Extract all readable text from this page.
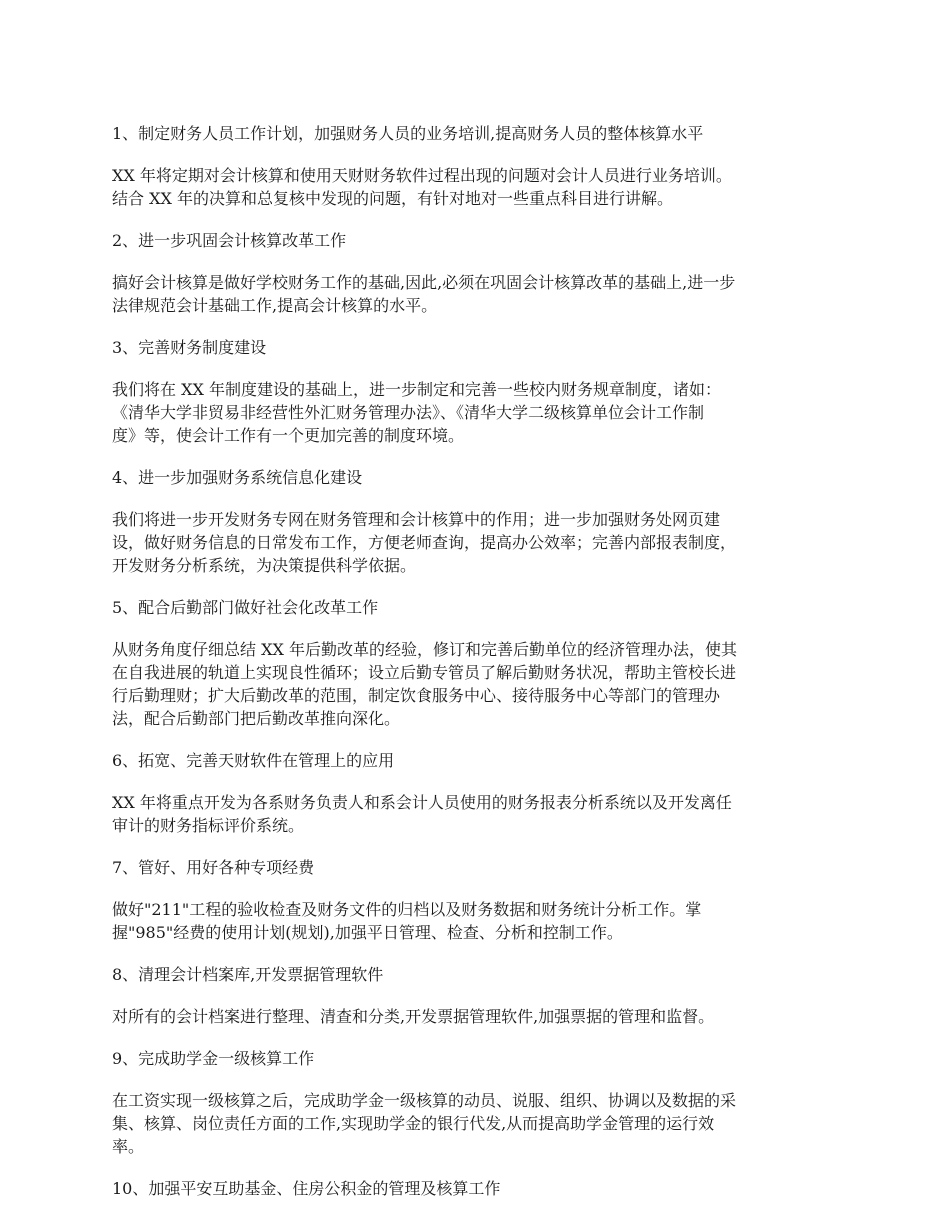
1、制定财务人员工作计划，加强财务人员的业务培训,提高财务人员的整体核算水平
XX 年将定期对会计核算和使用天财财务软件过程出现的问题对会计人员进行业务培训。
结合 XX 年的决算和总复核中发现的问题，有针对地对一些重点科目进行讲解。
2、进一步巩固会计核算改革工作
搞好会计核算是做好学校财务工作的基础,因此,必须在巩固会计核算改革的基础上,进一步
法律规范会计基础工作,提高会计核算的水平。
3、完善财务制度建设
我们将在 XX 年制度建设的基础上，进一步制定和完善一些校内财务规章制度，诸如：
《清华大学非贸易非经营性外汇财务管理办法》、《清华大学二级核算单位会计工作制
度》等，使会计工作有一个更加完善的制度环境。
4、进一步加强财务系统信息化建设
我们将进一步开发财务专网在财务管理和会计核算中的作用；进一步加强财务处网页建
设，做好财务信息的日常发布工作，方便老师查询，提高办公效率；完善内部报表制度，
开发财务分析系统，为决策提供科学依据。
5、配合后勤部门做好社会化改革工作
从财务角度仔细总结 XX 年后勤改革的经验，修订和完善后勤单位的经济管理办法，使其
在自我进展的轨道上实现良性循环；设立后勤专管员了解后勤财务状况，帮助主管校长进
行后勤理财；扩大后勤改革的范围，制定饮食服务中心、接待服务中心等部门的管理办
法，配合后勤部门把后勤改革推向深化。
6、拓宽、完善天财软件在管理上的应用
XX 年将重点开发为各系财务负责人和系会计人员使用的财务报表分析系统以及开发离任
审计的财务指标评价系统。
7、管好、用好各种专项经费
做好"211"工程的验收检查及财务文件的归档以及财务数据和财务统计分析工作。掌
握"985"经费的使用计划(规划),加强平日管理、检查、分析和控制工作。
8、清理会计档案库,开发票据管理软件
对所有的会计档案进行整理、清查和分类,开发票据管理软件,加强票据的管理和监督。
9、完成助学金一级核算工作
在工资实现一级核算之后，完成助学金一级核算的动员、说服、组织、协调以及数据的采
集、核算、岗位责任方面的工作,实现助学金的银行代发,从而提高助学金管理的运行效
率。
10、加强平安互助基金、住房公积金的管理及核算工作
